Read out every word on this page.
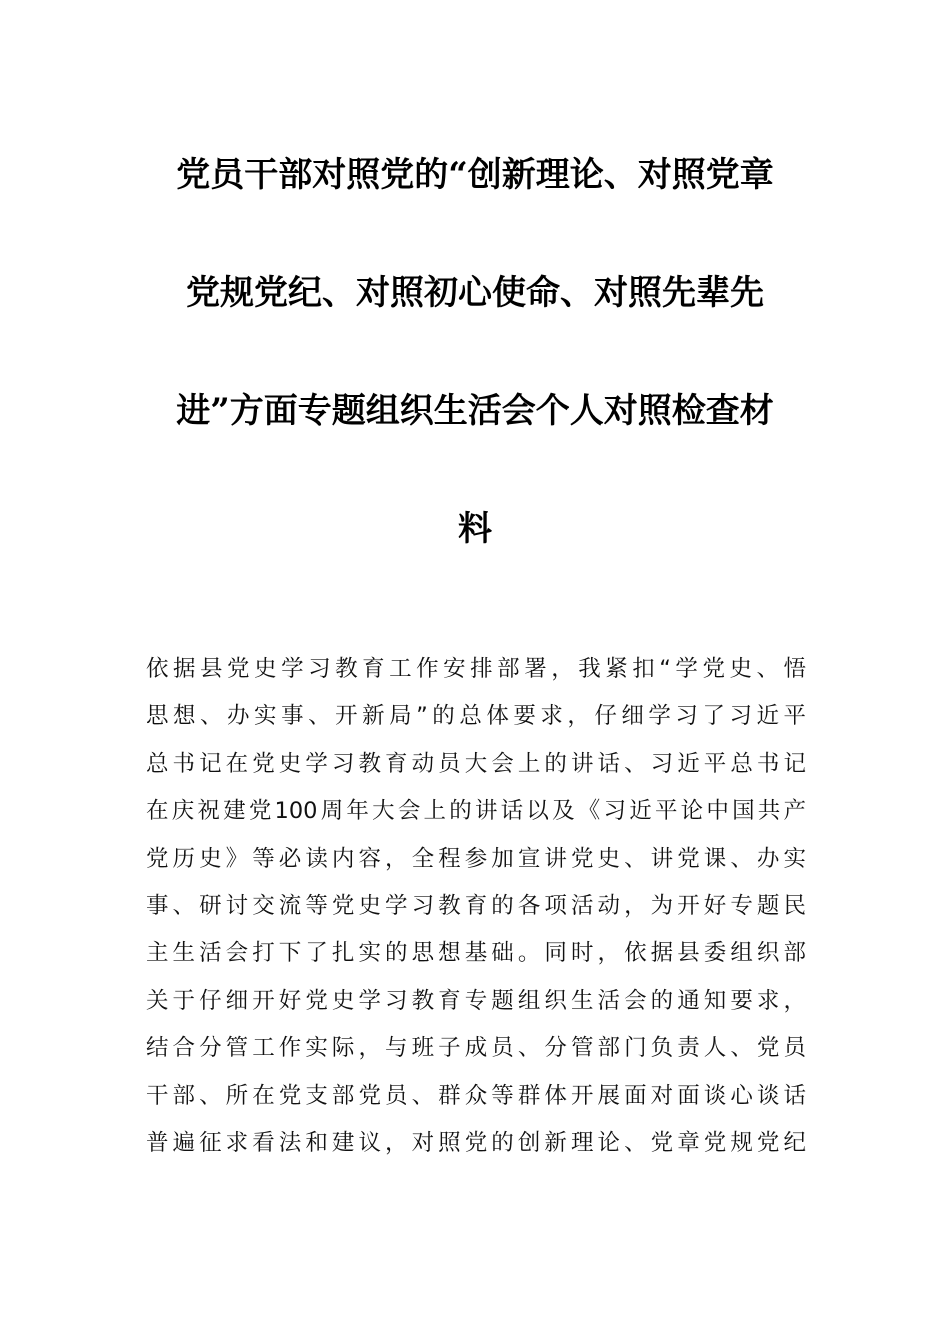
党员干部对照党的“创新理论、对照党章
党规党纪、对照初心使命、对照先辈先
进”方面专题组织生活会个人对照检查材
料
依据县党史学习教育工作安排部署，我紧扣“学党史、悟
思想、办实事、开新局”的总体要求，仔细学习了习近平
总书记在党史学习教育动员大会上的讲话、习近平总书记
在庆祝建党100周年大会上的讲话以及《习近平论中国共产
党历史》等必读内容，全程参加宣讲党史、讲党课、办实
事、研讨交流等党史学习教育的各项活动，为开好专题民
主生活会打下了扎实的思想基础。同时，依据县委组织部
关于仔细开好党史学习教育专题组织生活会的通知要求，
结合分管工作实际，与班子成员、分管部门负责人、党员
干部、所在党支部党员、群众等群体开展面对面谈心谈话
普遍征求看法和建议，对照党的创新理论、党章党规党纪
